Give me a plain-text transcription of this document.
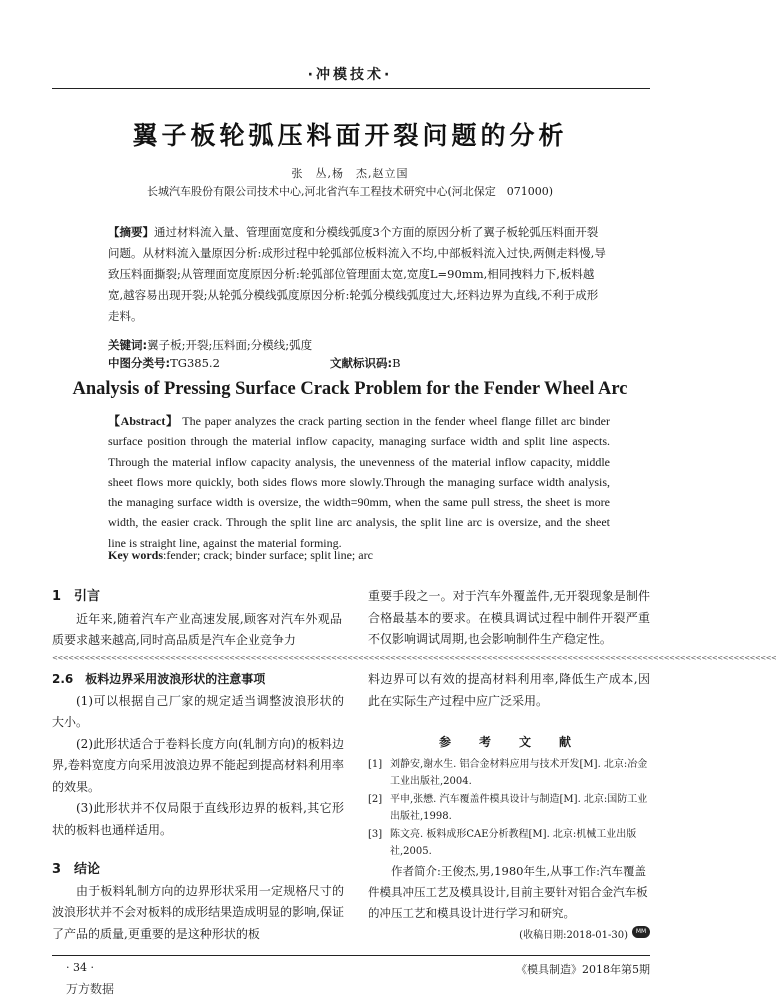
·冲模技术·
翼子板轮弧压料面开裂问题的分析
张　丛,杨　杰,赵立国
长城汽车股份有限公司技术中心,河北省汽车工程技术研究中心(河北保定　071000)
【摘要】通过材料流入量、管理面宽度和分模线弧度3个方面的原因分析了翼子板轮弧压料面开裂问题。从材料流入量原因分析:成形过程中轮弧部位板料流入不均,中部板料流入过快,两侧走料慢,导致压料面撕裂;从管理面宽度原因分析:轮弧部位管理面太宽,宽度L=90mm,相同拽料力下,板料越宽,越容易出现开裂;从轮弧分模线弧度原因分析:轮弧分模线弧度过大,坯料边界为直线,不利于成形走料。
关键词:翼子板;开裂;压料面;分模线;弧度
中图分类号:TG385.2	文献标识码:B
Analysis of Pressing Surface Crack Problem for the Fender Wheel Arc
【Abstract】 The paper analyzes the crack parting section in the fender wheel flange fillet arc binder surface position through the material inflow capacity, managing surface width and split line aspects. Through the material inflow capacity analysis, the unevenness of the material inflow capacity, middle sheet flows more quickly, both sides flows more slowly.Through the managing surface width analysis, the managing surface width is oversize, the width=90mm, when the same pull stress, the sheet is more width, the easier crack. Through the split line arc analysis, the split line arc is oversize, and the sheet line is straight line, against the material forming.
Key words:fender; crack; binder surface; split line; arc
1　引言

近年来,随着汽车产业高速发展,顾客对汽车外观品质要求越来越高,同时高品质是汽车企业竞争力

重要手段之一。对于汽车外覆盖件,无开裂现象是制件合格最基本的要求。在模具调试过程中制件开裂严重不仅影响调试周期,也会影响制件生产稳定性。

<<<<<<<<<<<<<<<<<<<<<<<<<<<<<<<<<<<<<<<<<<<<<<<<<<<<<<<<<<<<<<<<<<<<<<<<<<<<<<<<<<<<<<<<<<<<<<<<<<<<<<<<<<<<<<<<<<<<<<<<<<<<<<<<<<<<<<<
2.6　板料边界采用波浪形状的注意事项

(1)可以根据自己厂家的规定适当调整波浪形状的大小。

(2)此形状适合于卷料长度方向(轧制方向)的板料边界,卷料宽度方向采用波浪边界不能起到提高材料利用率的效果。

(3)此形状并不仅局限于直线形边界的板料,其它形状的板料也通样适用。

3　结论

由于板料轧制方向的边界形状采用一定规格尺寸的波浪形状并不会对板料的成形结果造成明显的影响,保证了产品的质量,更重要的是这种形状的板

料边界可以有效的提高材料利用率,降低生产成本,因此在实际生产过程中应广泛采用。

参　考　文　献
[1] 刘静安,谢水生. 铝合金材料应用与技术开发[M]. 北京:冶金工业出版社,2004.
[2] 平申,张懋. 汽车覆盖件模具设计与制造[M]. 北京:国防工业出版社,1998.
[3] 陈文亮. 板料成形CAE分析教程[M]. 北京:机械工业出版社,2005.
作者简介:王俊杰,男,1980年生,从事工作:汽车覆盖件模具冲压工艺及模具设计,目前主要针对铝合金汽车板的冲压工艺和模具设计进行学习和研究。
(收稿日期:2018-01-30)	MM
· 34 ·	《模具制造》2018年第5期
万方数据
